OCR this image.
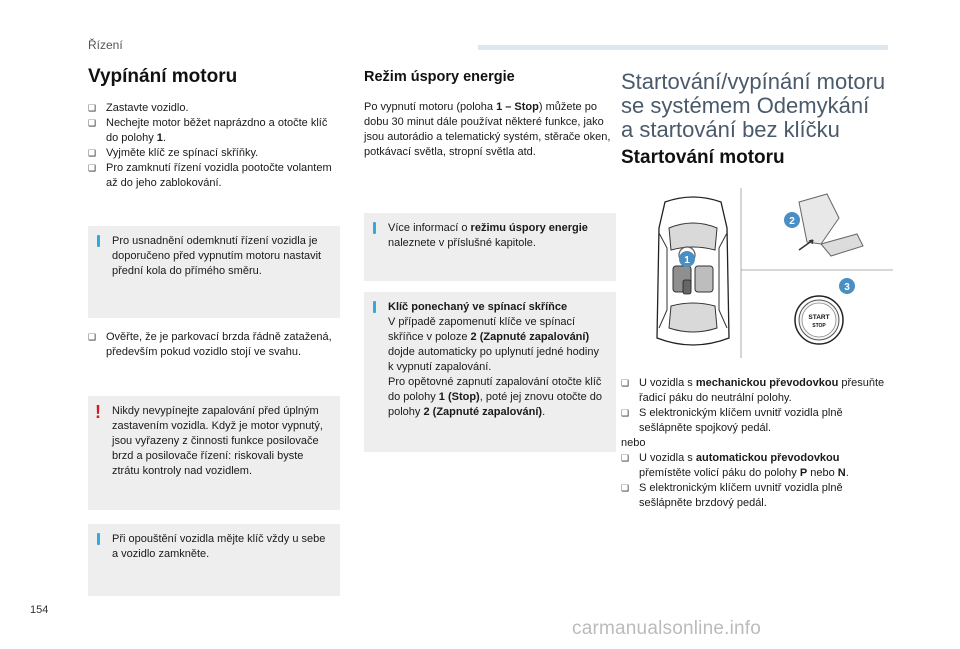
Řízení
Vypínání motoru
❑ Zastavte vozidlo.
❑ Nechejte motor běžet naprázdno a otočte klíč do polohy 1.
❑ Vyjměte klíč ze spínací skříňky.
❑ Pro zamknutí řízení vozidla pootočte volantem až do jeho zablokování.
Pro usnadnění odemknutí řízení vozidla je doporučeno před vypnutím motoru nastavit přední kola do přímého směru.
❑ Ověřte, že je parkovací brzda řádně zatažená, především pokud vozidlo stojí ve svahu.
! Nikdy nevypínejte zapalování před úplným zastavením vozidla. Když je motor vypnutý, jsou vyřazeny z činnosti funkce posilovače brzd a posilovače řízení: riskovali byste ztrátu kontroly nad vozidlem.
Při opouštění vozidla mějte klíč vždy u sebe a vozidlo zamkněte.
Režim úspory energie
Po vypnutí motoru (poloha 1 – Stop) můžete po dobu 30 minut dále používat některé funkce, jako jsou autorádio a telematický systém, stěrače oken, potkávací světla, stropní světla atd.
Více informací o režimu úspory energie naleznete v příslušné kapitole.
Klíč ponechaný ve spínací skříňce
V případě zapomenutí klíče ve spínací skříňce v poloze 2 (Zapnuté zapalování) dojde automaticky po uplynutí jedné hodiny k vypnutí zapalování.
Pro opětovné zapnutí zapalování otočte klíč do polohy 1 (Stop), poté jej znovu otočte do polohy 2 (Zapnuté zapalování).
Startování/vypínání motoru
se systémem Odemykání
a startování bez klíčku
Startování motoru
START
STOP
1
2
3
❑ U vozidla s mechanickou převodovkou přesuňte řadicí páku do neutrální polohy.
❑ S elektronickým klíčem uvnitř vozidla plně sešlápněte spojkový pedál.
nebo
❑ U vozidla s automatickou převodovkou přemístěte volicí páku do polohy P nebo N.
❑ S elektronickým klíčem uvnitř vozidla plně sešlápněte brzdový pedál.
154
carmanualsonline.info
